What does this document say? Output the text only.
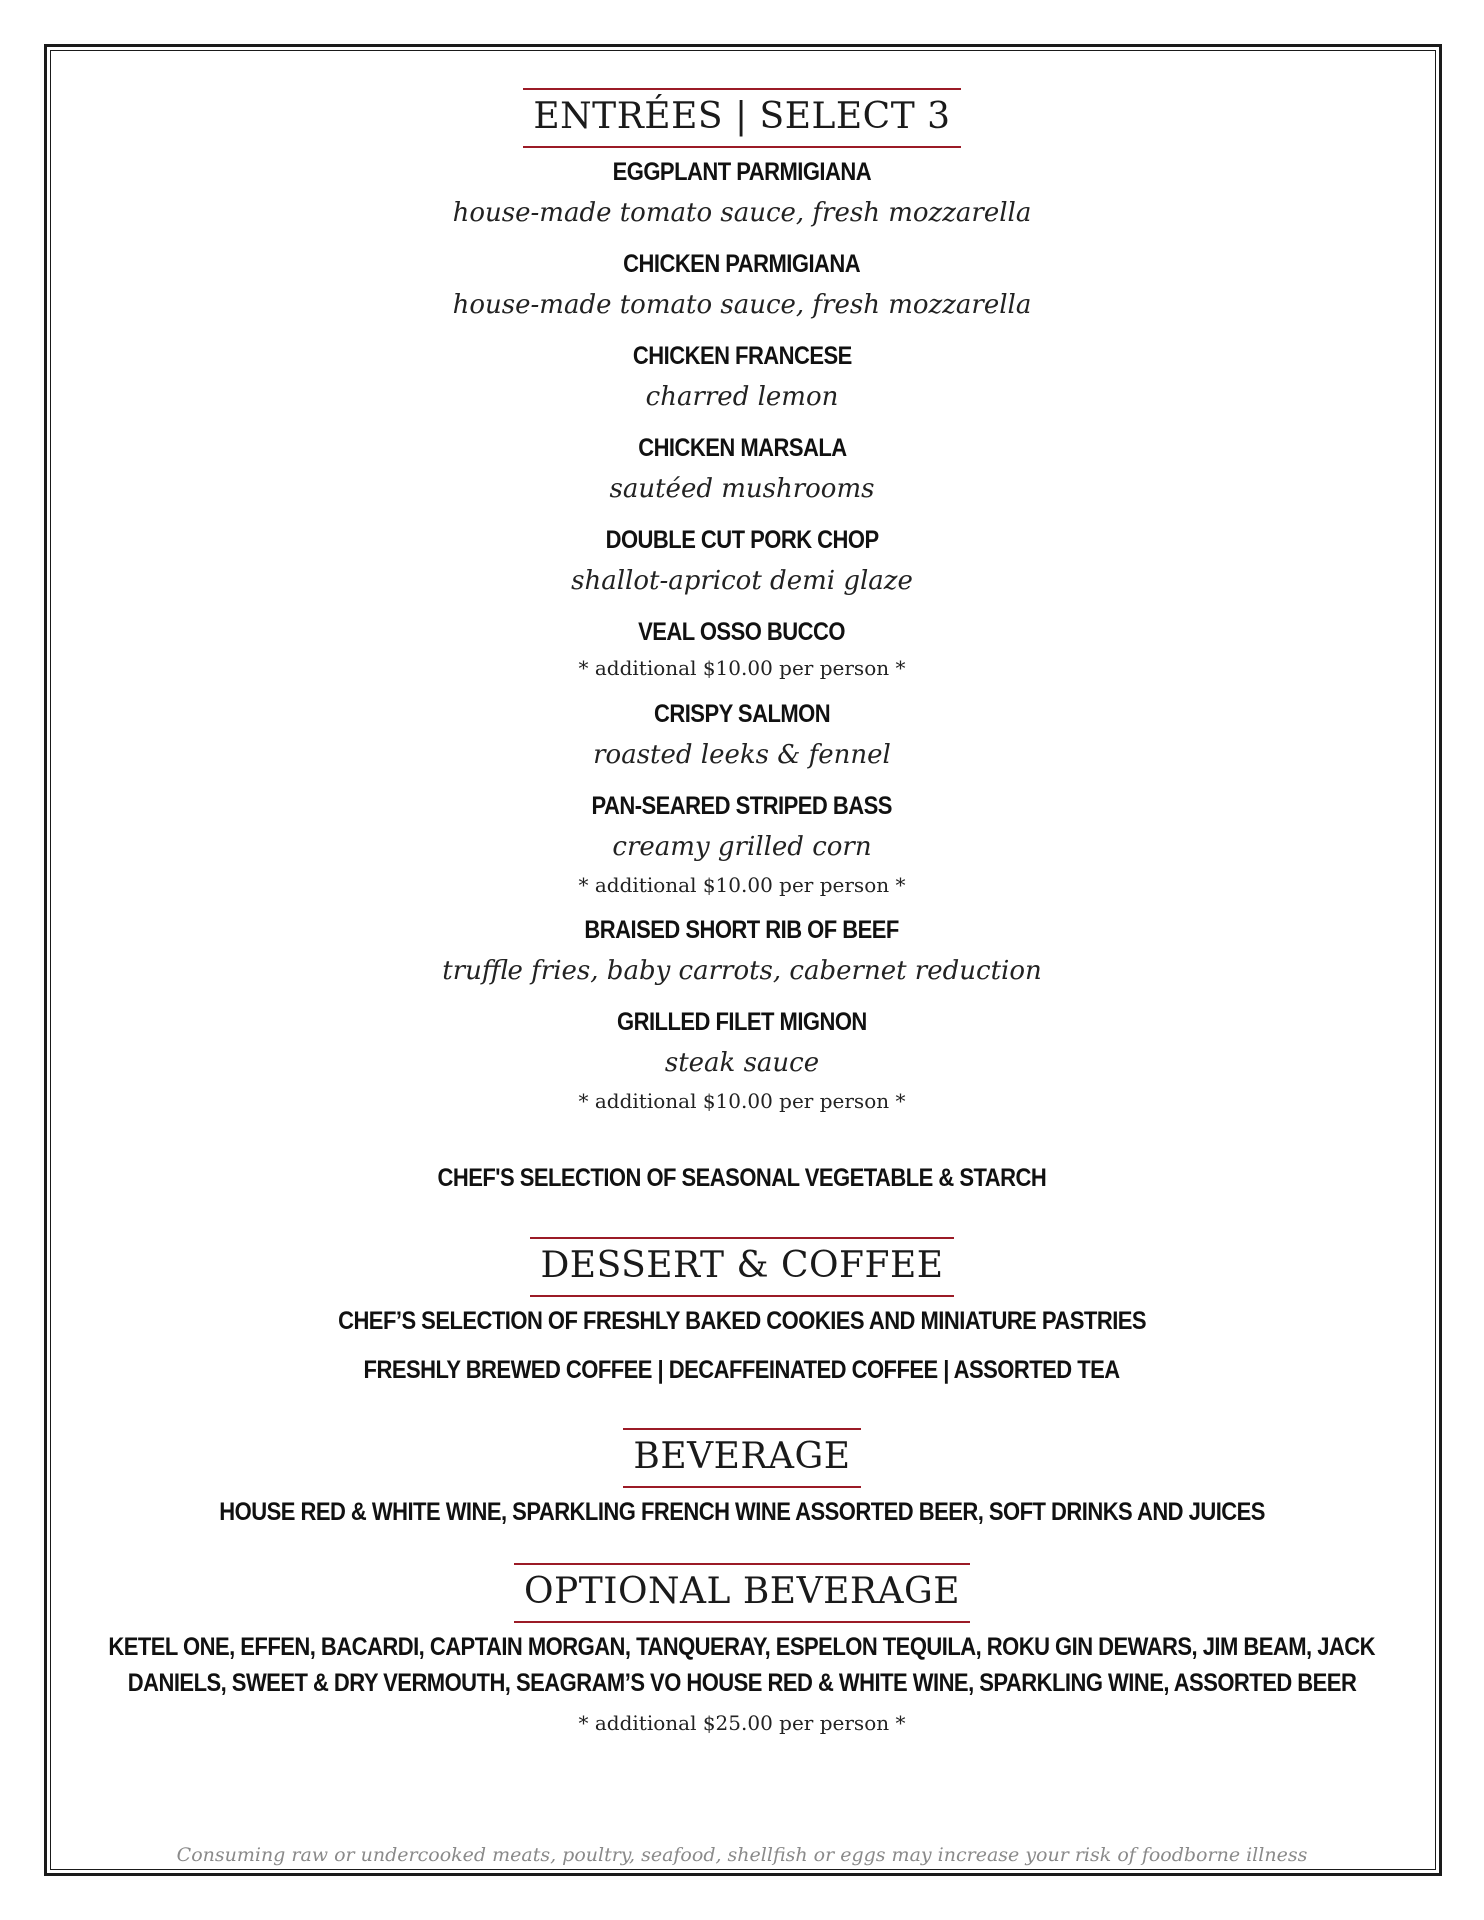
ENTRÉES | SELECT 3
EGGPLANT PARMIGIANA
house-made tomato sauce, fresh mozzarella
CHICKEN PARMIGIANA
house-made tomato sauce, fresh mozzarella
CHICKEN FRANCESE
charred lemon
CHICKEN MARSALA
sautéed mushrooms
DOUBLE CUT PORK CHOP
shallot-apricot demi glaze
VEAL OSSO BUCCO
* additional $10.00 per person *
CRISPY SALMON
roasted leeks & fennel
PAN-SEARED STRIPED BASS
creamy grilled corn
* additional $10.00 per person *
BRAISED SHORT RIB OF BEEF
truffle fries, baby carrots, cabernet reduction
GRILLED FILET MIGNON
steak sauce
* additional $10.00 per person *
CHEF'S SELECTION OF SEASONAL VEGETABLE & STARCH
DESSERT & COFFEE
CHEF’S SELECTION OF FRESHLY BAKED COOKIES AND MINIATURE PASTRIES
FRESHLY BREWED COFFEE | DECAFFEINATED COFFEE | ASSORTED TEA
BEVERAGE
HOUSE RED & WHITE WINE, SPARKLING FRENCH WINE ASSORTED BEER, SOFT DRINKS AND JUICES
OPTIONAL BEVERAGE
KETEL ONE, EFFEN, BACARDI, CAPTAIN MORGAN, TANQUERAY, ESPELON TEQUILA, ROKU GIN DEWARS, JIM BEAM, JACK
DANIELS, SWEET & DRY VERMOUTH, SEAGRAM’S VO HOUSE RED & WHITE WINE, SPARKLING WINE, ASSORTED BEER
* additional $25.00 per person *
Consuming raw or undercooked meats, poultry, seafood, shellfish or eggs may increase your risk of foodborne illness
